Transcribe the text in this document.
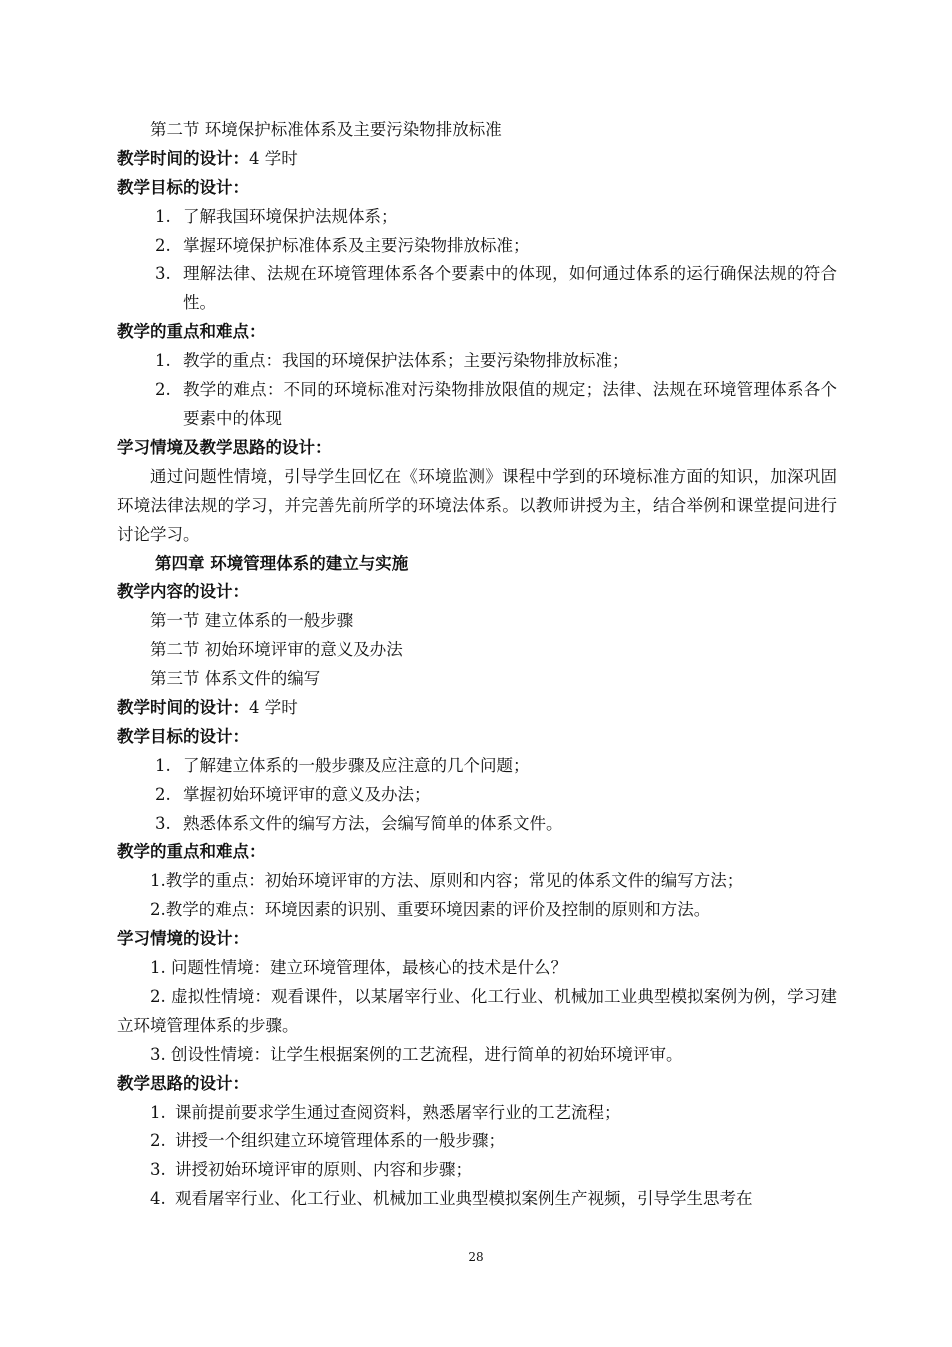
第二节 环境保护标准体系及主要污染物排放标准
教学时间的设计：4 学时
教学目标的设计：
1. 了解我国环境保护法规体系；
2. 掌握环境保护标准体系及主要污染物排放标准；
3. 理解法律、法规在环境管理体系各个要素中的体现，如何通过体系的运行确保法规的符合性。
教学的重点和难点：
1. 教学的重点：我国的环境保护法体系；主要污染物排放标准；
2. 教学的难点：不同的环境标准对污染物排放限值的规定；法律、法规在环境管理体系各个要素中的体现
学习情境及教学思路的设计：
通过问题性情境，引导学生回忆在《环境监测》课程中学到的环境标准方面的知识，加深巩固环境法律法规的学习，并完善先前所学的环境法体系。以教师讲授为主，结合举例和课堂提问进行讨论学习。
第四章 环境管理体系的建立与实施
教学内容的设计：
第一节 建立体系的一般步骤
第二节 初始环境评审的意义及办法
第三节 体系文件的编写
教学时间的设计：4 学时
教学目标的设计：
1. 了解建立体系的一般步骤及应注意的几个问题；
2. 掌握初始环境评审的意义及办法；
3. 熟悉体系文件的编写方法，会编写简单的体系文件。
教学的重点和难点：
1.教学的重点：初始环境评审的方法、原则和内容；常见的体系文件的编写方法；
2.教学的难点：环境因素的识别、重要环境因素的评价及控制的原则和方法。
学习情境的设计：
1. 问题性情境：建立环境管理体，最核心的技术是什么？
2. 虚拟性情境：观看课件，以某屠宰行业、化工行业、机械加工业典型模拟案例为例，学习建立环境管理体系的步骤。
3. 创设性情境：让学生根据案例的工艺流程，进行简单的初始环境评审。
教学思路的设计：
1. 课前提前要求学生通过查阅资料，熟悉屠宰行业的工艺流程；
2. 讲授一个组织建立环境管理体系的一般步骤；
3. 讲授初始环境评审的原则、内容和步骤；
4. 观看屠宰行业、化工行业、机械加工业典型模拟案例生产视频，引导学生思考在
28
